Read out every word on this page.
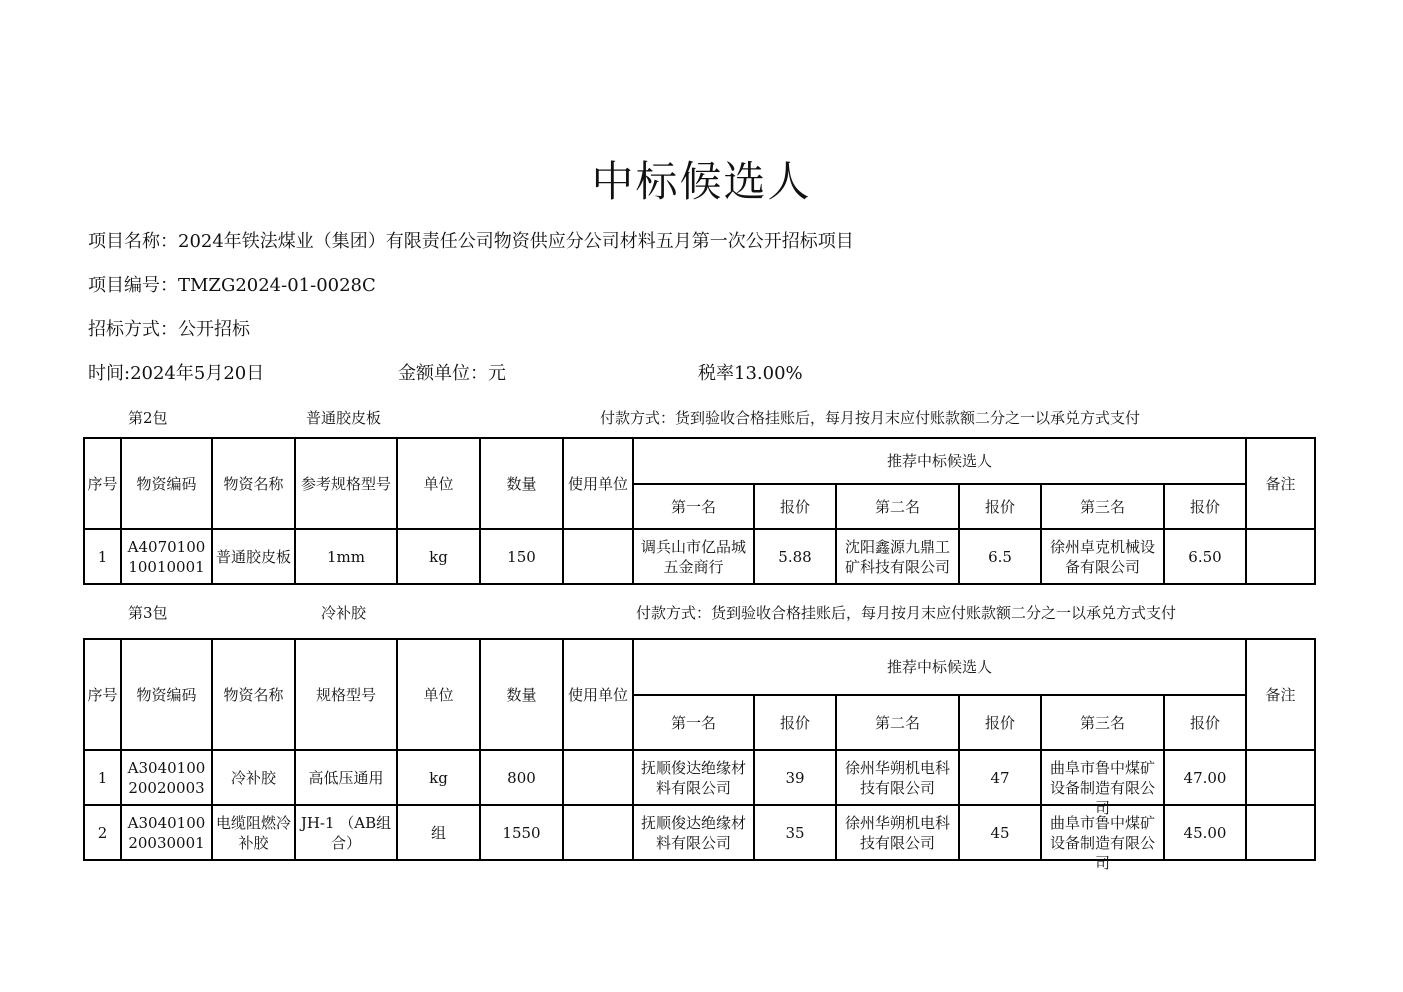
中标候选人
项目名称：2024年铁法煤业（集团）有限责任公司物资供应分公司材料五月第一次公开招标项目
项目编号：TMZG2024-01-0028C
招标方式：公开招标
时间:2024年5月20日	金额单位：元	税率13.00%
第2包	普通胶皮板	付款方式：货到验收合格挂账后，每月按月末应付账款额二分之一以承兑方式支付
序号	物资编码	物资名称	参考规格型号	单位	数量	使用单位	推荐中标候选人						备注
							第一名	报价	第二名	报价	第三名	报价	
1	A407010010010001	普通胶皮板	1mm	kg	150		调兵山市亿品城五金商行	5.88	沈阳鑫源九鼎工矿科技有限公司	6.5	徐州卓克机械设备有限公司	6.50	
第3包	冷补胶	付款方式：货到验收合格挂账后，每月按月末应付账款额二分之一以承兑方式支付
序号	物资编码	物资名称	规格型号	单位	数量	使用单位	推荐中标候选人						备注
							第一名	报价	第二名	报价	第三名	报价	
1	A304010020020003	冷补胶	高低压通用	kg	800		抚顺俊达绝缘材料有限公司	39	徐州华朔机电科技有限公司	47	曲阜市鲁中煤矿设备制造有限公司	47.00	
2	A304010020030001	电缆阻燃冷补胶	JH-1 （AB组合）	组	1550		抚顺俊达绝缘材料有限公司	35	徐州华朔机电科技有限公司	45	曲阜市鲁中煤矿设备制造有限公司	45.00	
